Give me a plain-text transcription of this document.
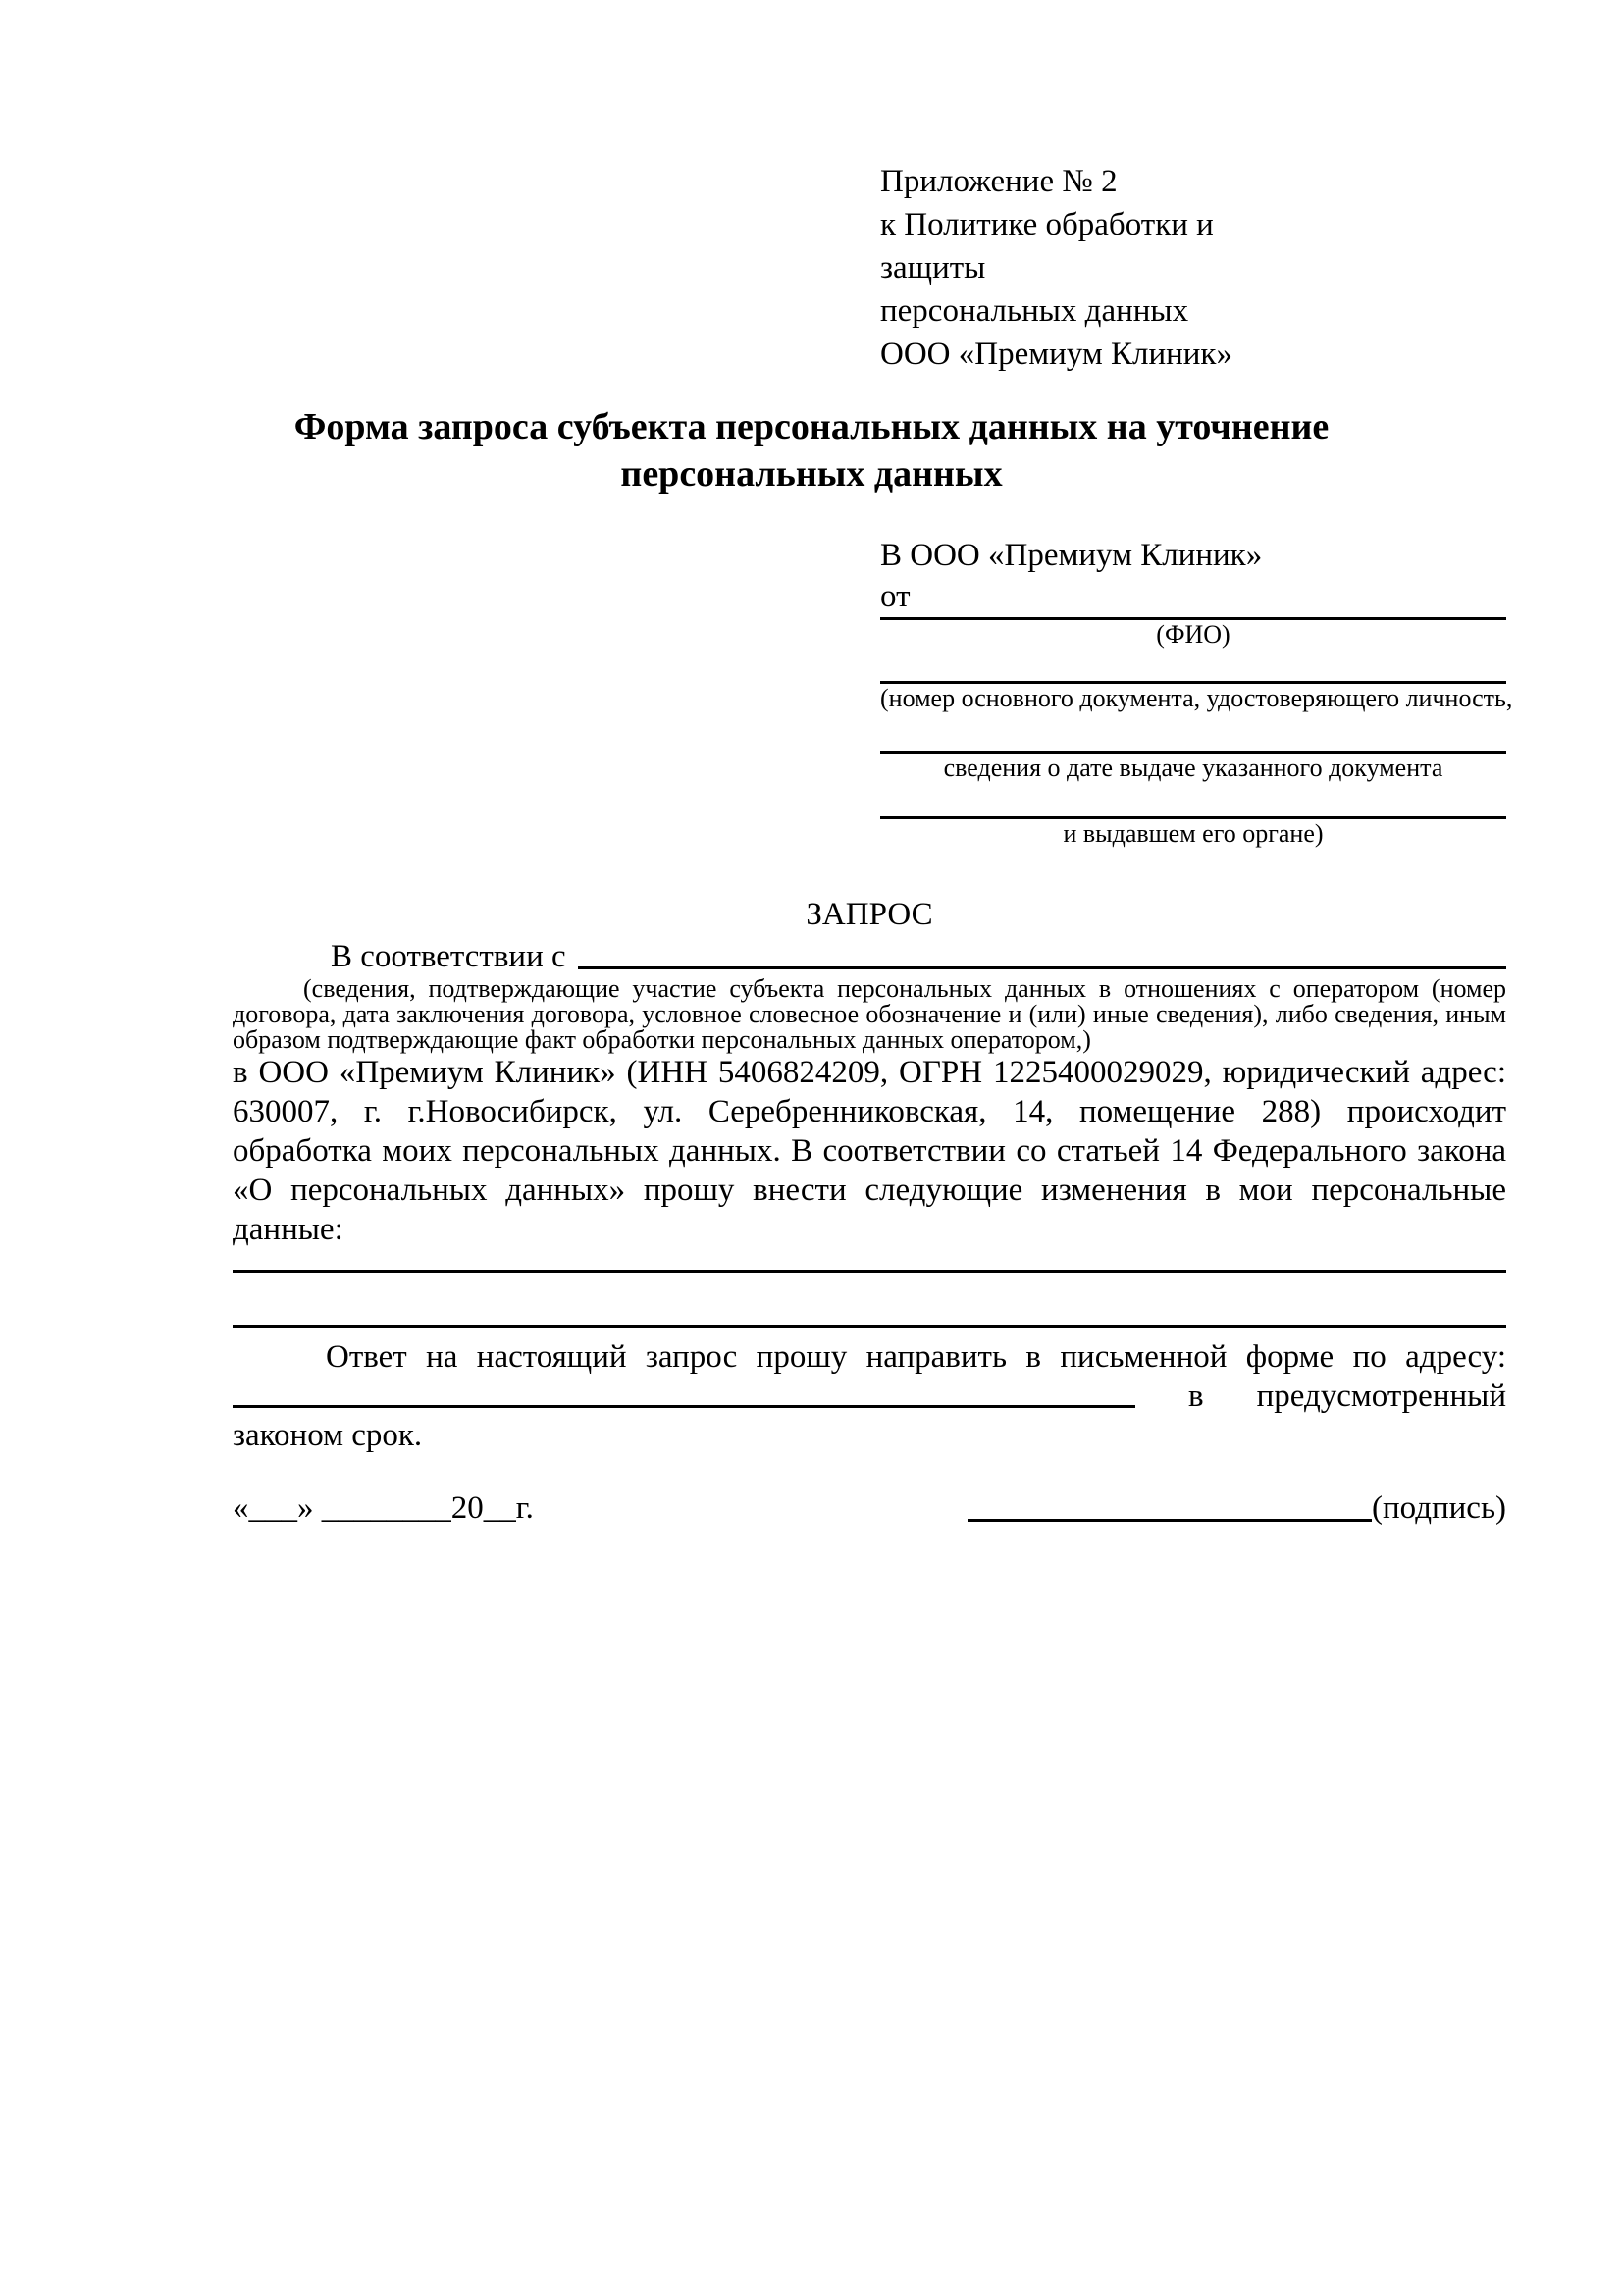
Приложение № 2
к Политике обработки и защиты
персональных данных
ООО «Премиум Клиник»
Форма запроса субъекта персональных данных на уточнение персональных данных
В ООО «Премиум Клиник»
от
(ФИО)
(номер основного документа, удостоверяющего личность,
сведения о дате выдаче указанного документа
и выдавшем его органе)
ЗАПРОС
В соответствии с

(сведения, подтверждающие участие субъекта персональных данных в отношениях с оператором (номер договора, дата заключения договора, условное словесное обозначение и (или) иные сведения), либо сведения, иным образом подтверждающие факт обработки персональных данных оператором,)

в ООО «Премиум Клиник» (ИНН 5406824209, ОГРН 1225400029029, юридический адрес: 630007, г. г.Новосибирск, ул. Серебренниковская, 14, помещение 288) происходит обработка моих персональных данных. В соответствии со статьей 14 Федерального закона «О персональных данных» прошу внести следующие изменения в мои персональные данные:

Ответ на настоящий запрос прошу направить в письменной форме по адресу:

в предусмотренный
законом срок.
«___» ________20__г.	(подпись)
